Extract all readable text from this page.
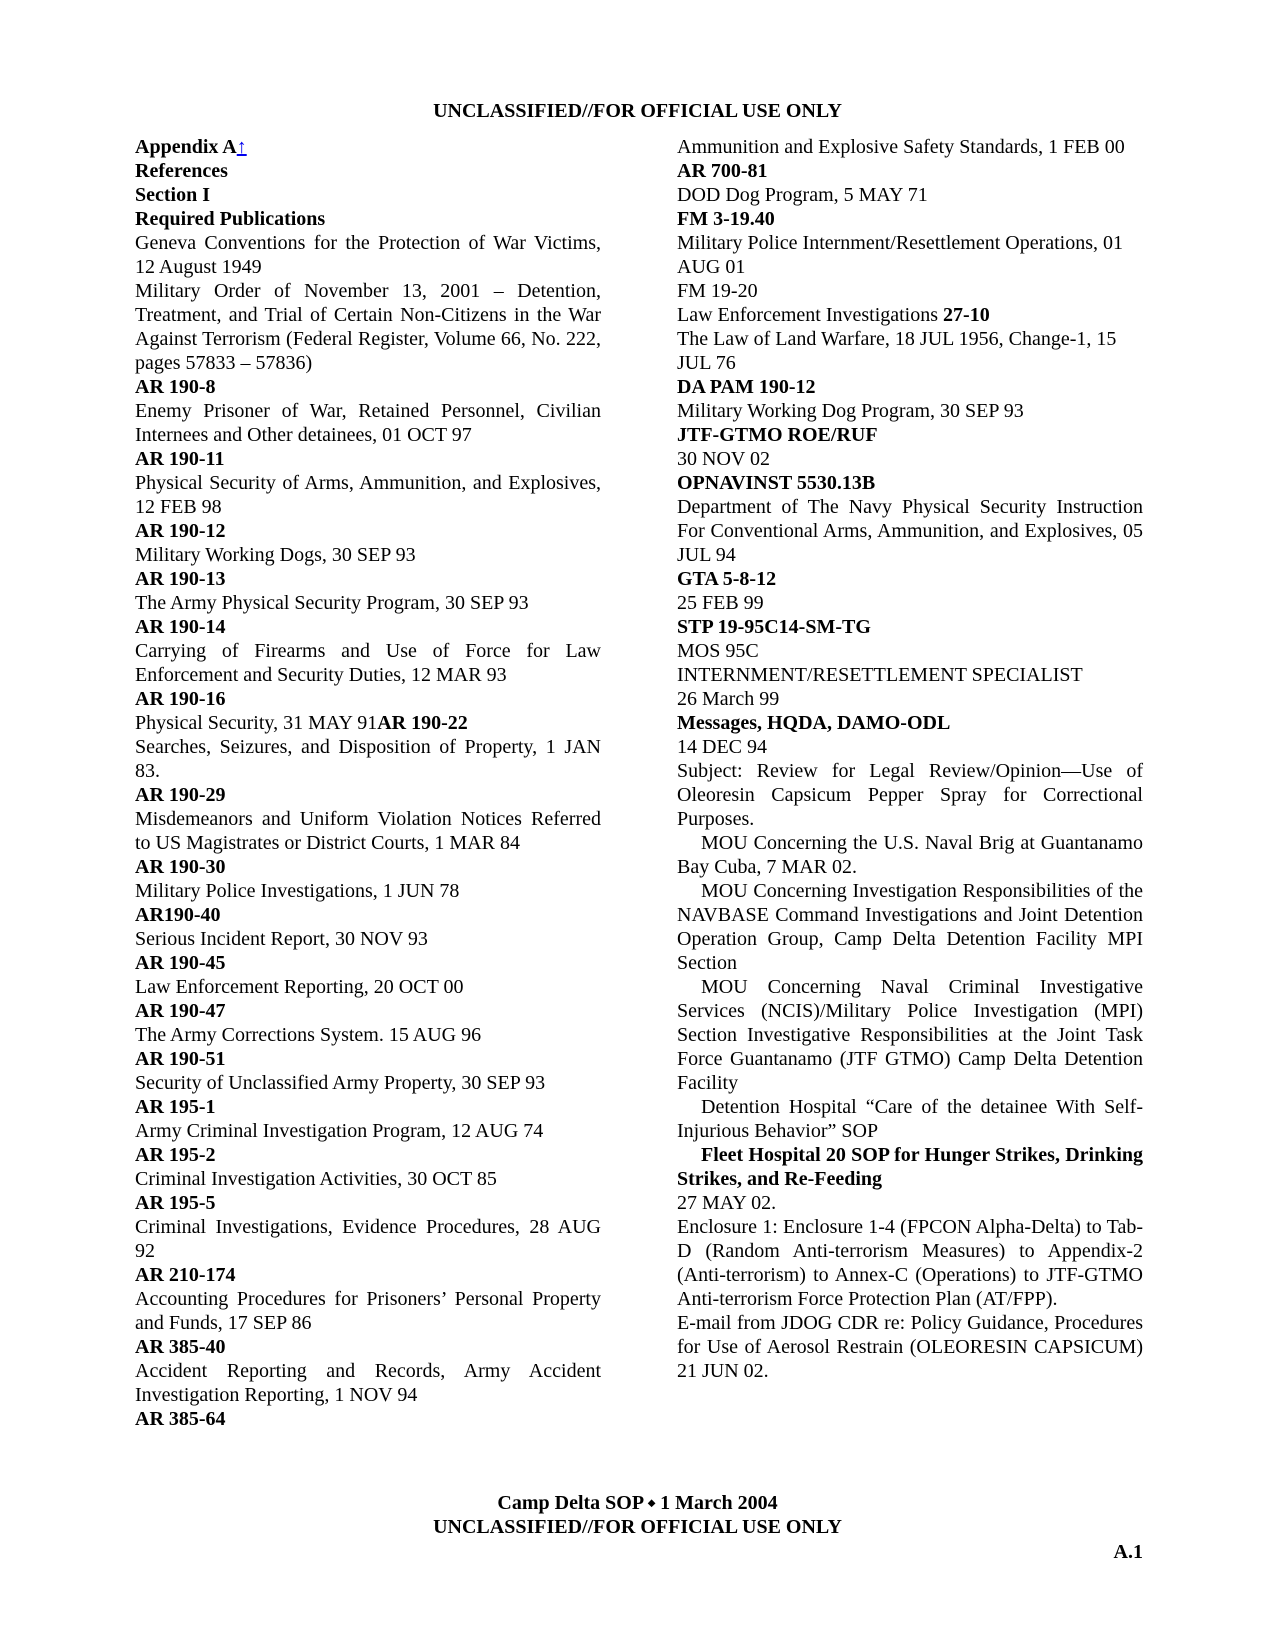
UNCLASSIFIED//FOR OFFICIAL USE ONLY
Appendix A↑
References
Section I
Required Publications
Geneva Conventions for the Protection of War Victims, 12 August 1949
Military Order of November 13, 2001 – Detention, Treatment, and Trial of Certain Non-Citizens in the War Against Terrorism (Federal Register, Volume 66, No. 222, pages 57833 – 57836)
AR 190-8
Enemy Prisoner of War, Retained Personnel, Civilian Internees and Other detainees, 01 OCT 97
AR 190-11
Physical Security of Arms, Ammunition, and Explosives, 12 FEB 98
AR 190-12
Military Working Dogs, 30 SEP 93
AR 190-13
The Army Physical Security Program, 30 SEP 93
AR 190-14
Carrying of Firearms and Use of Force for Law Enforcement and Security Duties, 12 MAR 93
AR 190-16
Physical Security, 31 MAY 91AR 190-22
Searches, Seizures, and Disposition of Property, 1 JAN 83.
AR 190-29
Misdemeanors and Uniform Violation Notices Referred to US Magistrates or District Courts, 1 MAR 84
AR 190-30
Military Police Investigations, 1 JUN 78
AR190-40
Serious Incident Report, 30 NOV 93
AR 190-45
Law Enforcement Reporting, 20 OCT 00
AR 190-47
The Army Corrections System. 15 AUG 96
AR 190-51
Security of Unclassified Army Property, 30 SEP 93
AR 195-1
Army Criminal Investigation Program, 12 AUG 74
AR 195-2
Criminal Investigation Activities, 30 OCT 85
AR 195-5
Criminal Investigations, Evidence Procedures, 28 AUG 92
AR 210-174
Accounting Procedures for Prisoners’ Personal Property and Funds, 17 SEP 86
AR 385-40
Accident Reporting and Records, Army Accident Investigation Reporting, 1 NOV 94
AR 385-64
Ammunition and Explosive Safety Standards, 1 FEB 00
AR 700-81
DOD Dog Program, 5 MAY 71
FM 3-19.40
Military Police Internment/Resettlement Operations, 01 AUG 01
FM 19-20
Law Enforcement Investigations 27-10
The Law of Land Warfare, 18 JUL 1956, Change-1, 15 JUL 76
DA PAM 190-12
Military Working Dog Program, 30 SEP 93
JTF-GTMO ROE/RUF
30 NOV 02
OPNAVINST 5530.13B
Department of The Navy Physical Security Instruction For Conventional Arms, Ammunition, and Explosives, 05 JUL 94
GTA 5-8-12
25 FEB 99
STP 19-95C14-SM-TG
MOS 95C
INTERNMENT/RESETTLEMENT SPECIALIST
26 March 99
Messages, HQDA, DAMO-ODL
14 DEC 94
Subject: Review for Legal Review/Opinion—Use of Oleoresin Capsicum Pepper Spray for Correctional Purposes.
MOU Concerning the U.S. Naval Brig at Guantanamo Bay Cuba, 7 MAR 02.
MOU Concerning Investigation Responsibilities of the NAVBASE Command Investigations and Joint Detention Operation Group, Camp Delta Detention Facility MPI Section
MOU Concerning Naval Criminal Investigative Services (NCIS)/Military Police Investigation (MPI) Section Investigative Responsibilities at the Joint Task Force Guantanamo (JTF GTMO) Camp Delta Detention Facility
Detention Hospital “Care of the detainee With Self-Injurious Behavior” SOP
Fleet Hospital 20 SOP for Hunger Strikes, Drinking Strikes, and Re-Feeding
27 MAY 02.
Enclosure 1: Enclosure 1-4 (FPCON Alpha-Delta) to Tab-D (Random Anti-terrorism Measures) to Appendix-2 (Anti-terrorism) to Annex-C (Operations) to JTF-GTMO Anti-terrorism Force Protection Plan (AT/FPP).
E-mail from JDOG CDR re: Policy Guidance, Procedures for Use of Aerosol Restrain (OLEORESIN CAPSICUM) 21 JUN 02.
Camp Delta SOP ⬩ 1 March 2004
UNCLASSIFIED//FOR OFFICIAL USE ONLY
A.1
